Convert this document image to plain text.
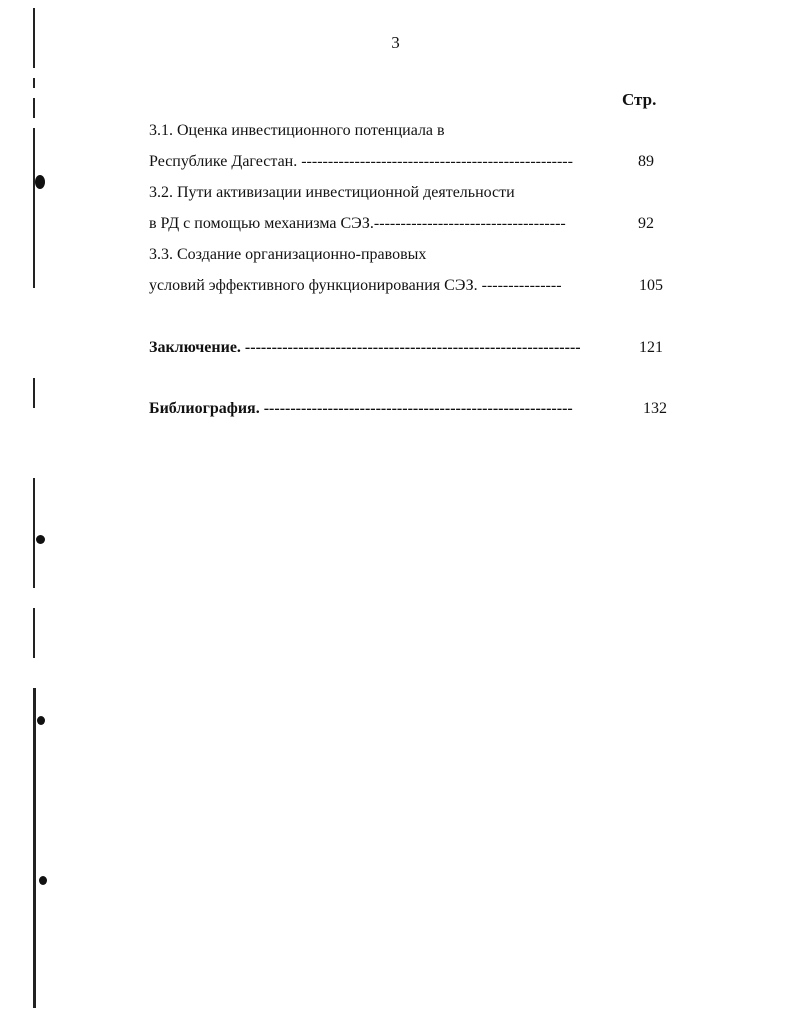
3
Стр.
3.1. Оценка инвестиционного потенциала в
Республике Дагестан. ---------------------------------------------------	89
3.2. Пути активизации инвестиционной деятельности
в РД с помощью механизма СЭЗ.------------------------------------	92
3.3. Создание организационно-правовых
условий эффективного функционирования СЭЗ. ---------------	105
Заключение. ---------------------------------------------------------------	121
Библиография. ----------------------------------------------------------	132
